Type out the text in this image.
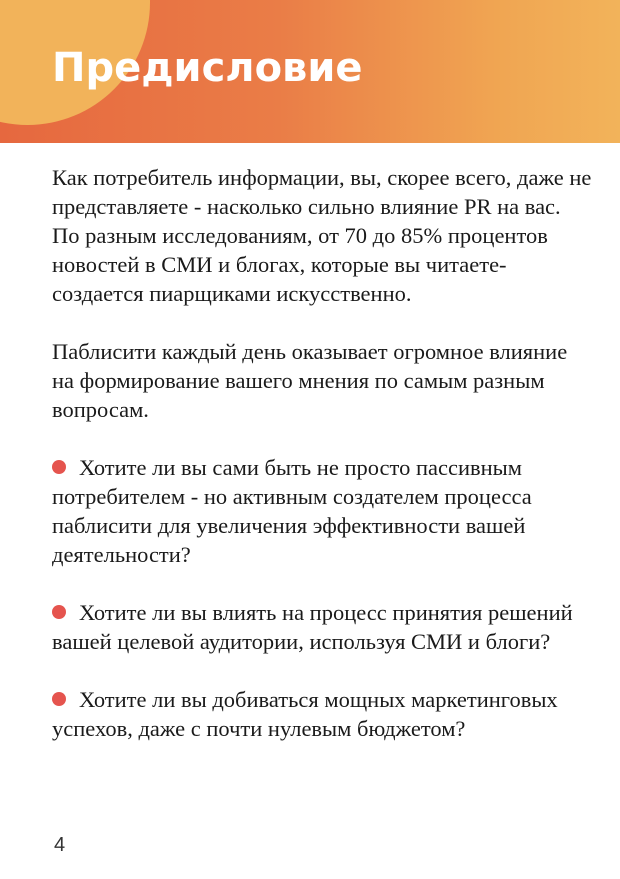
Предисловие

Как потребитель информации, вы, скорее всего, даже не представляете - насколько сильно влияние PR на вас. По разным исследованиям, от 70 до 85% процентов новостей в СМИ и блогах, которые вы читаете- создается пиарщиками искусственно.

Паблисити каждый день оказывает огромное влияние на формирование вашего мнения по самым разным вопросам.

Хотите ли вы сами быть не просто пассивным потребителем - но активным создателем процесса паблисити для увеличения эффективности вашей деятельности?

Хотите ли вы влиять на процесс принятия решений вашей целевой аудитории, используя СМИ и блоги?

Хотите ли вы добиваться мощных маркетинговых успехов, даже с почти нулевым бюджетом?

4
